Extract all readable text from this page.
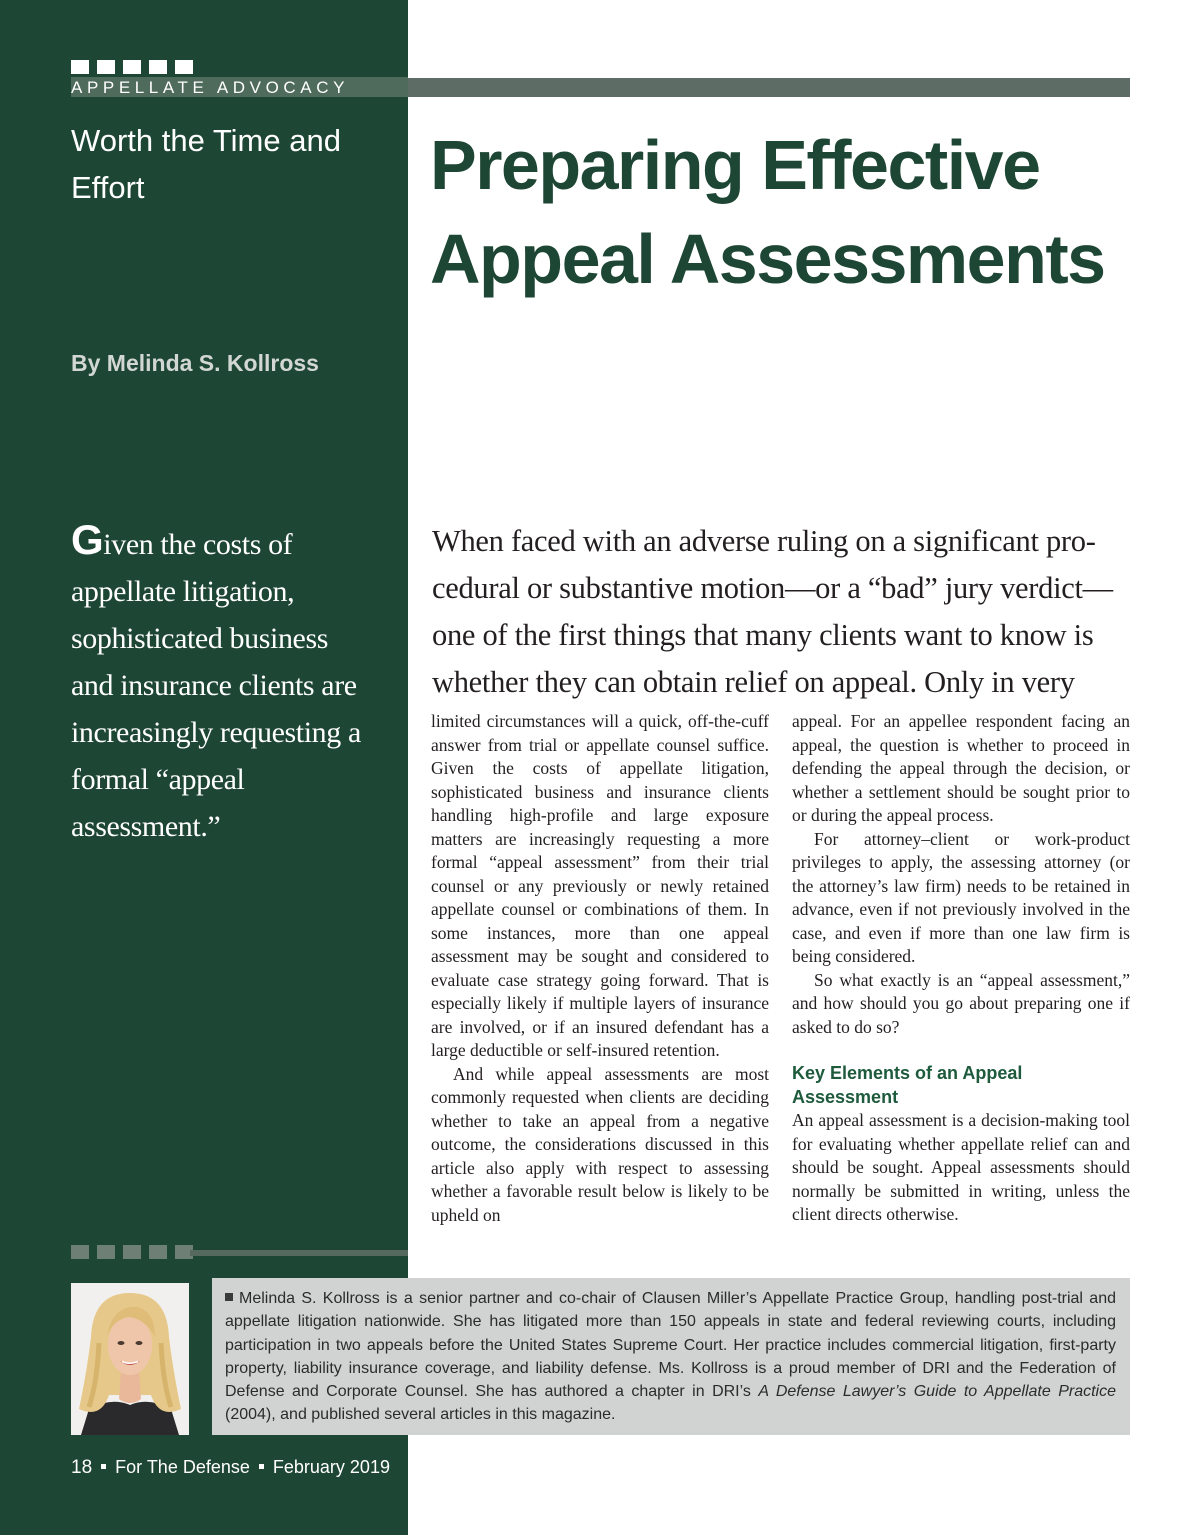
APPELLATE ADVOCACY
Worth the Time and Effort
By Melinda S. Kollross
Preparing Effective Appeal Assessments
Given the costs of appellate litigation, sophisticated business and insurance clients are increasingly requesting a formal “appeal assessment.”
When faced with an adverse ruling on a significant pro-
cedural or substantive motion—or a “bad” jury verdict—
one of the first things that many clients want to know is
whether they can obtain relief on appeal. Only in very

limited circumstances will a quick, off-the-cuff answer from trial or appellate counsel suffice. Given the costs of appellate litigation, sophisticated business and insurance clients handling high-profile and large exposure matters are increasingly requesting a more formal “appeal assessment” from their trial counsel or any previously or newly retained appellate counsel or combinations of them. In some instances, more than one appeal assessment may be sought and considered to evaluate case strategy going forward. That is especially likely if multiple layers of insurance are involved, or if an insured defendant has a large deductible or self-insured retention.

And while appeal assessments are most commonly requested when clients are deciding whether to take an appeal from a negative outcome, the considerations discussed in this article also apply with respect to assessing whether a favorable result below is likely to be upheld on

appeal. For an appellee respondent facing an appeal, the question is whether to proceed in defending the appeal through the decision, or whether a settlement should be sought prior to or during the appeal process.

For attorney–client or work-product privileges to apply, the assessing attorney (or the attorney’s law firm) needs to be retained in advance, even if not previously involved in the case, and even if more than one law firm is being considered.

So what exactly is an “appeal assessment,” and how should you go about preparing one if asked to do so?

Key Elements of an Appeal Assessment

An appeal assessment is a decision-making tool for evaluating whether appellate relief can and should be sought. Appeal assessments should normally be submitted in writing, unless the client directs otherwise.

Melinda S. Kollross is a senior partner and co-chair of Clausen Miller’s Appellate Practice Group, handling post-trial and appellate litigation nationwide. She has litigated more than 150 appeals in state and federal reviewing courts, including participation in two appeals before the United States Supreme Court. Her practice includes commercial litigation, first-party property, liability insurance coverage, and liability defense. Ms. Kollross is a proud member of DRI and the Federation of Defense and Corporate Counsel. She has authored a chapter in DRI’s A Defense Lawyer’s Guide to Appellate Practice (2004), and published several articles in this magazine.
18 For The Defense February 2019
